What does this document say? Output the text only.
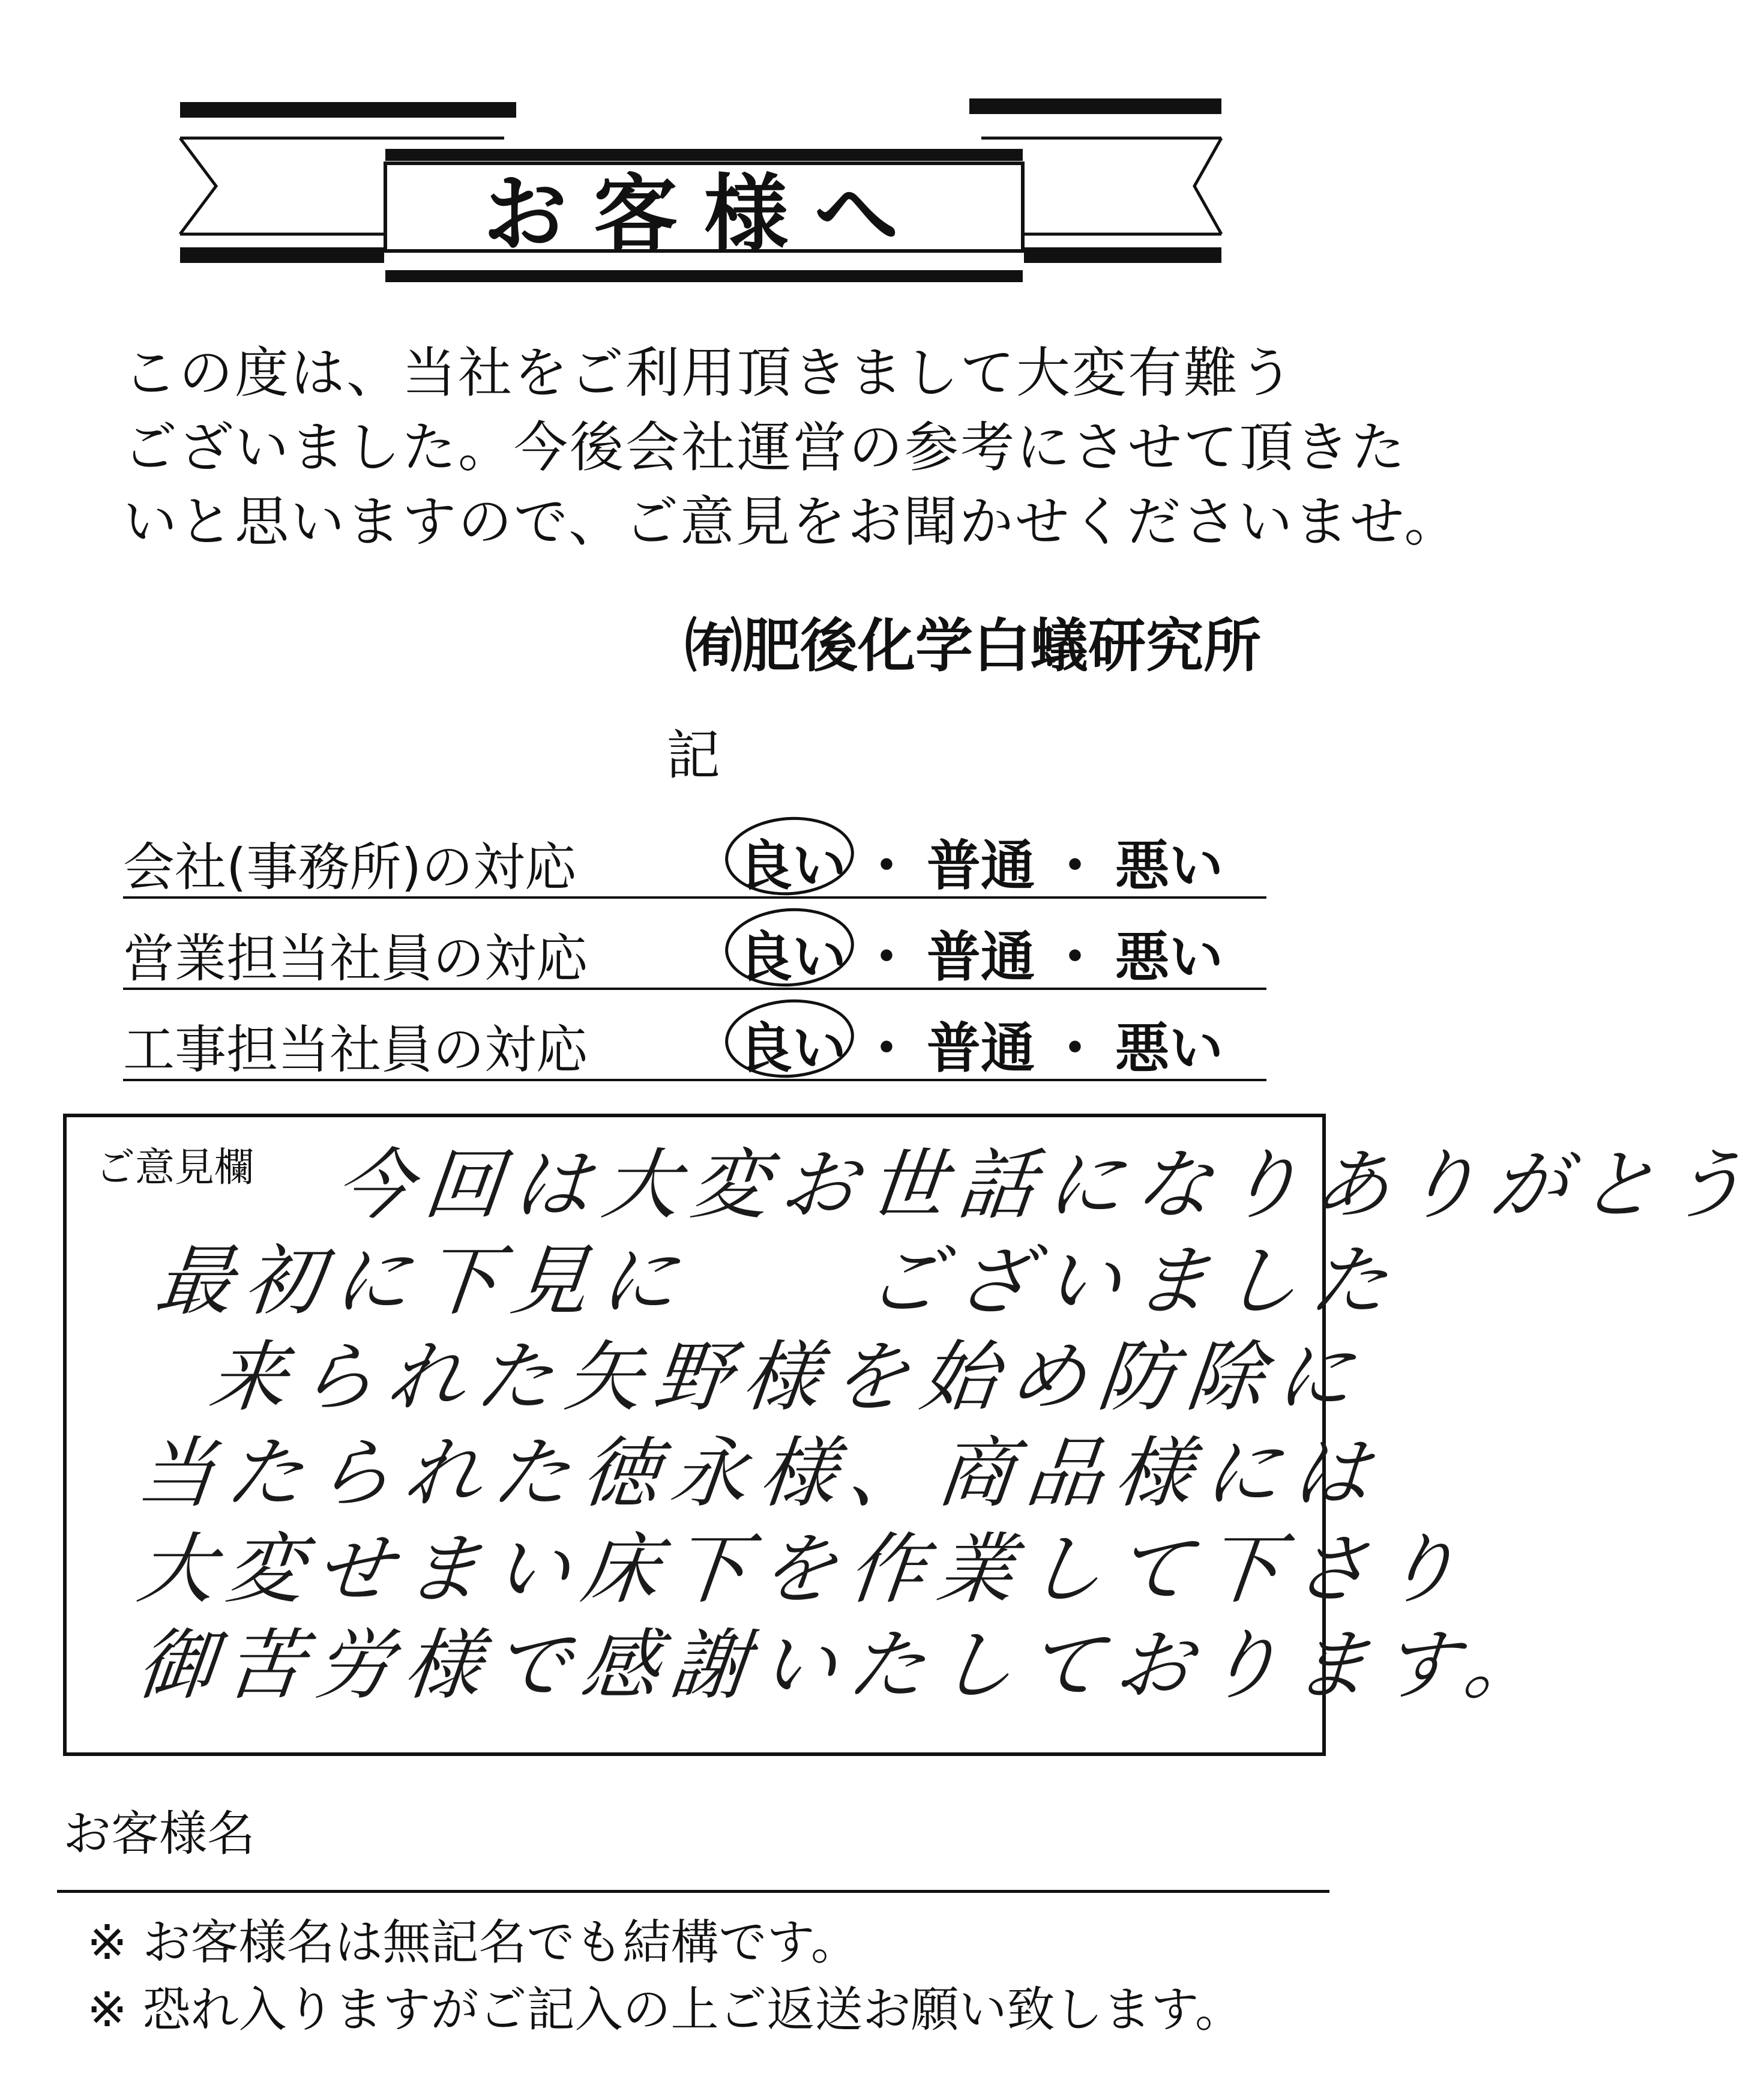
お客様へ
この度は、当社をご利用頂きまして大変有難う
ございました。今後会社運営の参考にさせて頂きた
いと思いますので、ご意見をお聞かせくださいませ。
㈲肥後化学白蟻研究所
記
会社(事務所)の対応	良い ・ 普通 ・ 悪い
営業担当社員の対応	良い ・ 普通 ・ 悪い
工事担当社員の対応	良い ・ 普通 ・ 悪い
ご意見欄 今回は大変お世話になりありがとう
最初に下見に　　ございました
来られた矢野様を始め防除に
当たられた徳永様、商品様には
大変せまい床下を作業して下さり
御苦労様で感謝いたしております。
お客様名
※ お客様名は無記名でも結構です。
※ 恐れ入りますがご記入の上ご返送お願い致します。
